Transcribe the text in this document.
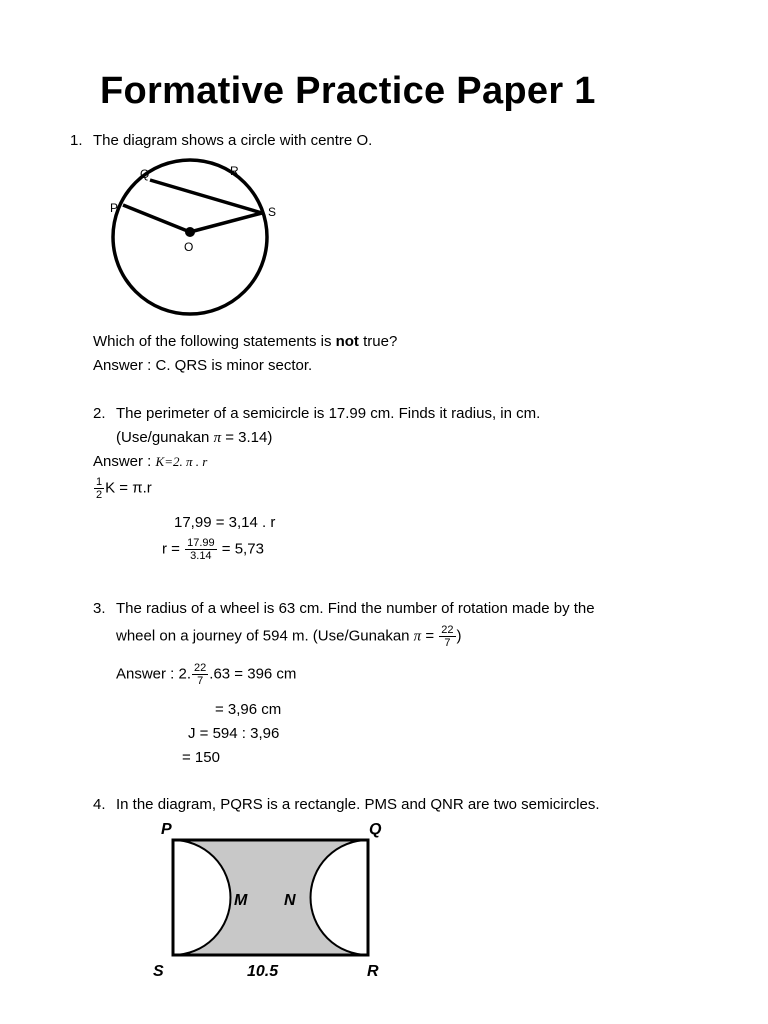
Formative Practice Paper 1
1. The diagram shows a circle with centre O.
Q	R
P	S
O
Which of the following statements is not true?
Answer : C. QRS is minor sector.
2. The perimeter of a semicircle is 17.99 cm. Finds it radius, in cm.
(Use/gunakan π = 3.14)
Answer : K=2. π . r
$\frac{1}{2}$ K = π.r
17,99 = 3,14 . r
$r = \frac{17.99}{3.14} = 5,73$
3. The radius of a wheel is 63 cm. Find the number of rotation made by the
wheel on a journey of 594 m. (Use/Gunakan $\pi = \frac{22}{7}$ )
Answer : 2. $\frac{22}{7} .63 = 396$ cm
= 3,96 cm
J = 594 : 3,96
= 150
4. In the diagram, PQRS is a rectangle. PMS and QNR are two semicircles.
P	Q
M N
S	R
10.5
